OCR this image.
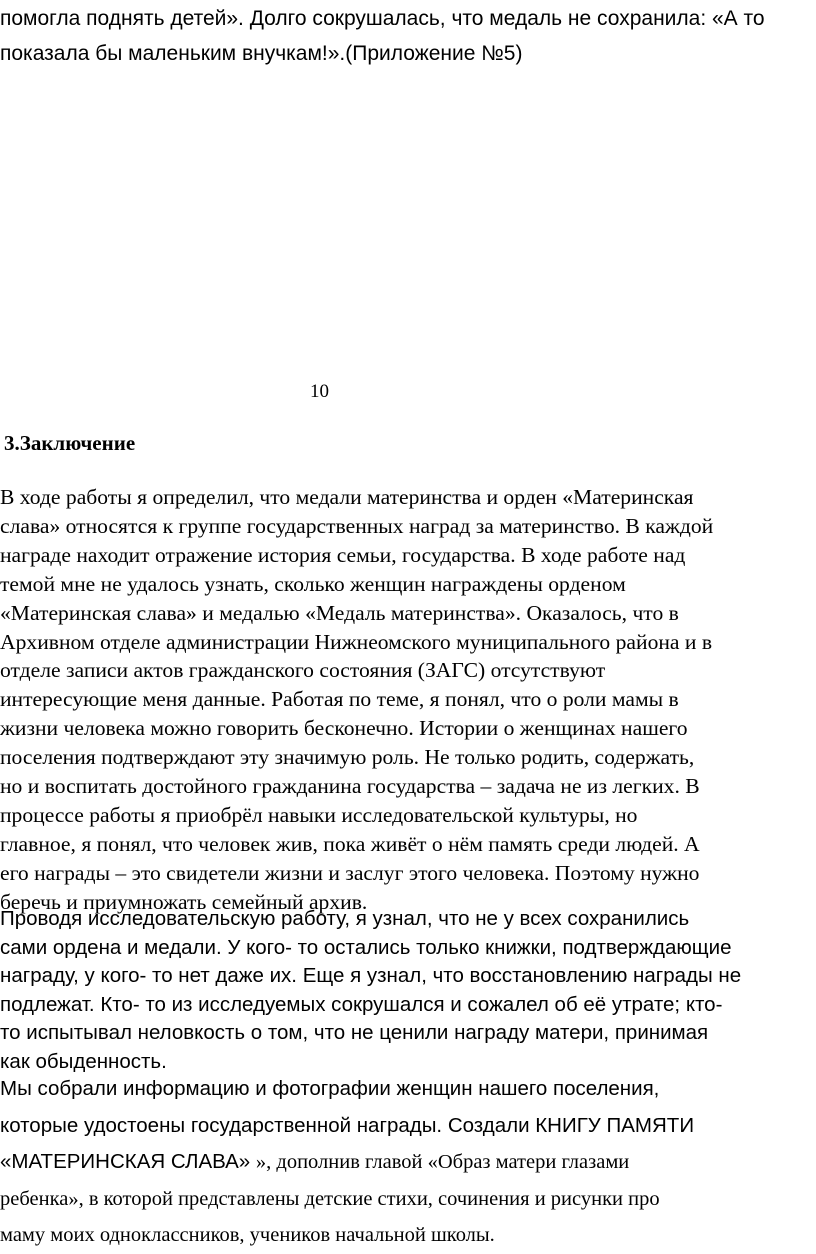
помогла поднять детей». Долго сокрушалась, что медаль не сохранила: «А то
показала бы маленьким внучкам!».(Приложение №5)
10
3.Заключение
В ходе работы я определил, что медали материнства и орден «Материнская
слава» относятся к группе государственных наград за материнство. В каждой
награде находит отражение история семьи, государства. В ходе работе над
темой мне не удалось узнать, сколько женщин награждены орденом
«Материнская слава» и медалью «Медаль материнства». Оказалось, что в
Архивном отделе администрации Нижнеомского муниципального района и в
отделе записи актов гражданского состояния (ЗАГС) отсутствуют
интересующие меня данные. Работая по теме, я понял, что о роли мамы в
жизни человека можно говорить бесконечно. Истории о женщинах нашего
поселения подтверждают эту значимую роль. Не только родить, содержать,
но и воспитать достойного гражданина государства – задача не из легких. В
процессе работы я приобрёл навыки исследовательской культуры, но
главное, я понял, что человек жив, пока живёт о нём память среди людей. А
его награды – это свидетели жизни и заслуг этого человека. Поэтому нужно
беречь и приумножать семейный архив.
Проводя исследовательскую работу, я узнал, что не у всех сохранились
сами ордена и медали. У кого- то остались только книжки, подтверждающие
награду, у кого- то нет даже их. Еще я узнал, что восстановлению награды не
подлежат. Кто- то из исследуемых сокрушался и сожалел об её утрате; кто-
то испытывал неловкость о том, что не ценили награду матери, принимая
как обыденность.
Мы собрали информацию и фотографии женщин нашего поселения,
которые удостоены государственной награды. Создали КНИГУ ПАМЯТИ
«МАТЕРИНСКАЯ СЛАВА» », дополнив главой «Образ матери глазами
ребенка», в которой представлены детские стихи, сочинения и рисунки про
маму моих одноклассников, учеников начальной школы.
